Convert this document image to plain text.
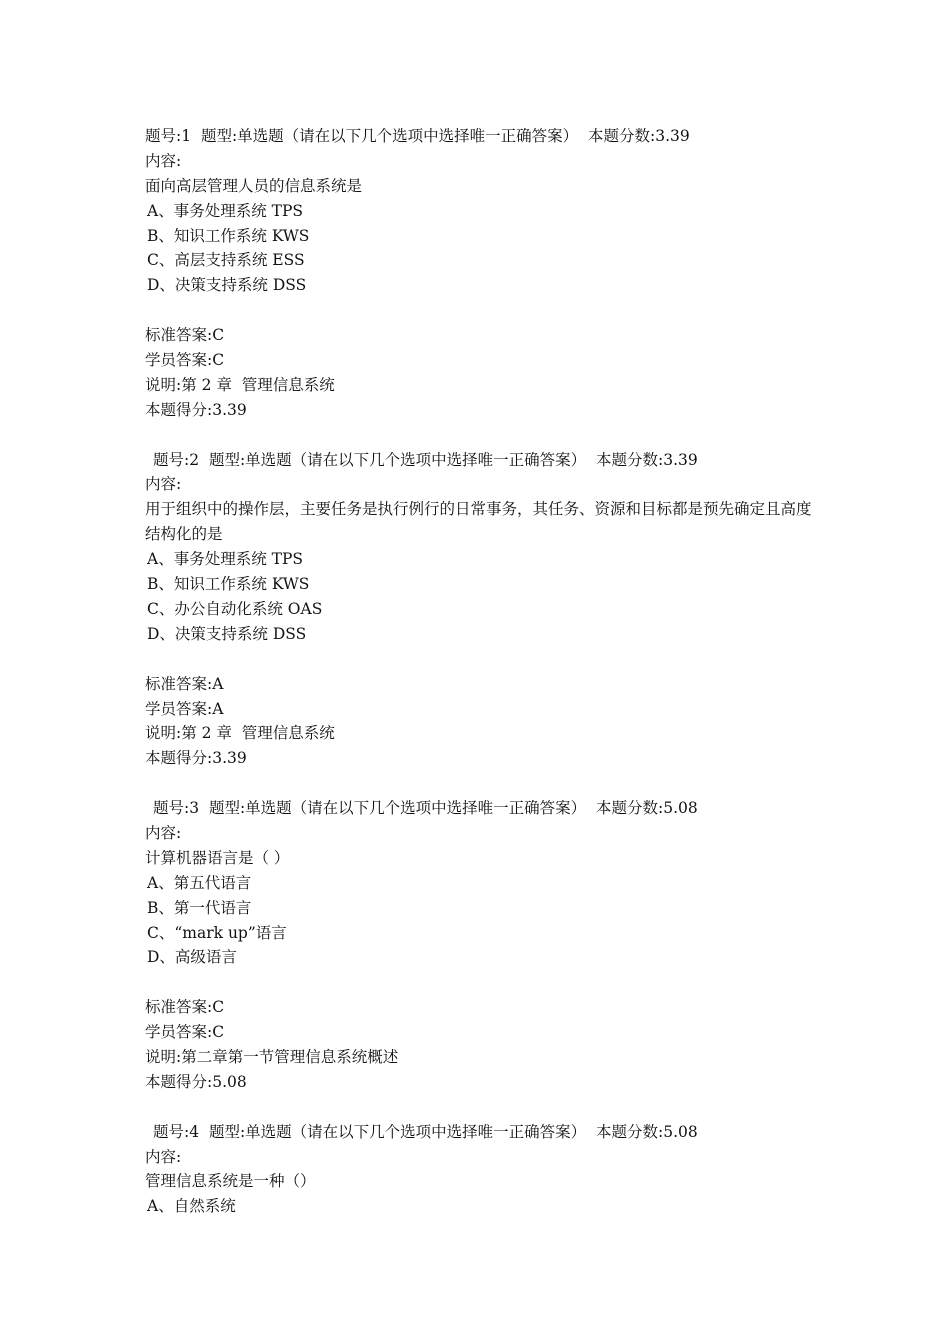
题号:1  题型:单选题（请在以下几个选项中选择唯一正确答案）  本题分数:3.39
内容:
面向高层管理人员的信息系统是
A、事务处理系统 TPS
B、知识工作系统 KWS
C、高层支持系统 ESS
D、决策支持系统 DSS
标准答案:C
学员答案:C
说明:第 2 章  管理信息系统
本题得分:3.39
题号:2  题型:单选题（请在以下几个选项中选择唯一正确答案）  本题分数:3.39
内容:
用于组织中的操作层，主要任务是执行例行的日常事务，其任务、资源和目标都是预先确定且高度结构化的是
A、事务处理系统 TPS
B、知识工作系统 KWS
C、办公自动化系统 OAS
D、决策支持系统 DSS
标准答案:A
学员答案:A
说明:第 2 章  管理信息系统
本题得分:3.39
题号:3  题型:单选题（请在以下几个选项中选择唯一正确答案）  本题分数:5.08
内容:
计算机器语言是（ ）
A、第五代语言
B、第一代语言
C、“mark up”语言
D、高级语言
标准答案:C
学员答案:C
说明:第二章第一节管理信息系统概述
本题得分:5.08
题号:4  题型:单选题（请在以下几个选项中选择唯一正确答案）  本题分数:5.08
内容:
管理信息系统是一种（）
A、自然系统
